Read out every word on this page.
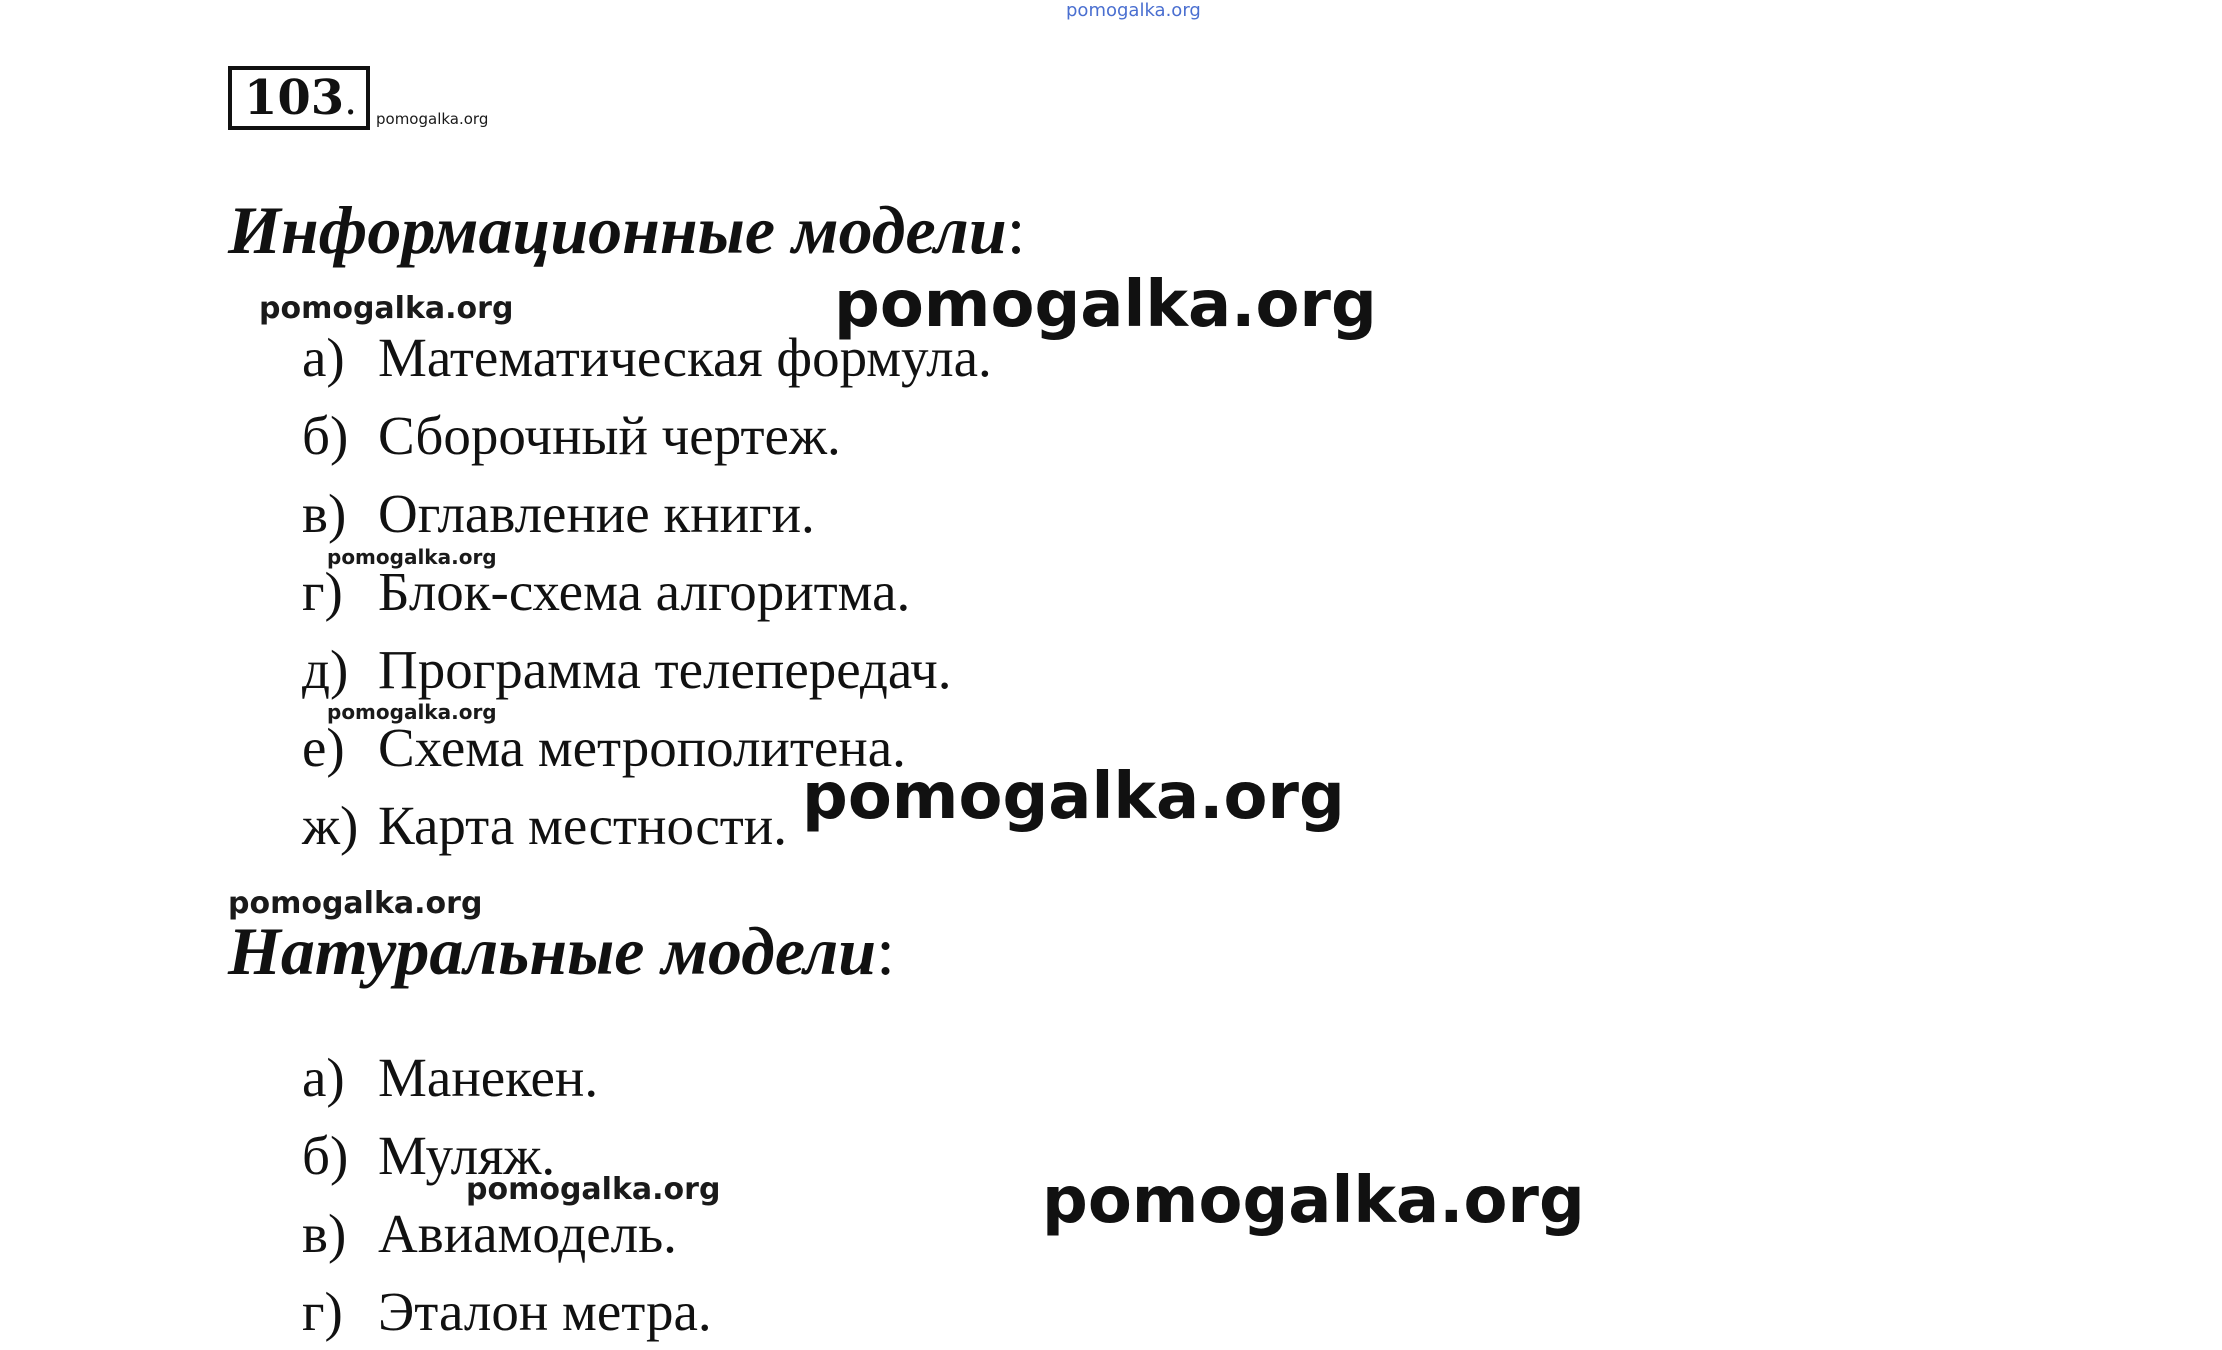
pomogalka.org
103.	pomogalka.org
Информационные модели:
pomogalka.org	pomogalka.org
а) Математическая формула.
б) Сборочный чертеж.
в) Оглавление книги.
pomogalka.org
г) Блок-схема алгоритма.
д) Программа телепередач.
pomogalka.org
е) Схема метрополитена.
ж) Карта местности. pomogalka.org
pomogalka.org
Натуральные модели:
а) Манекен.
б) Муляж.
pomogalka.org	pomogalka.org
в) Авиамодель.
г) Эталон метра.
